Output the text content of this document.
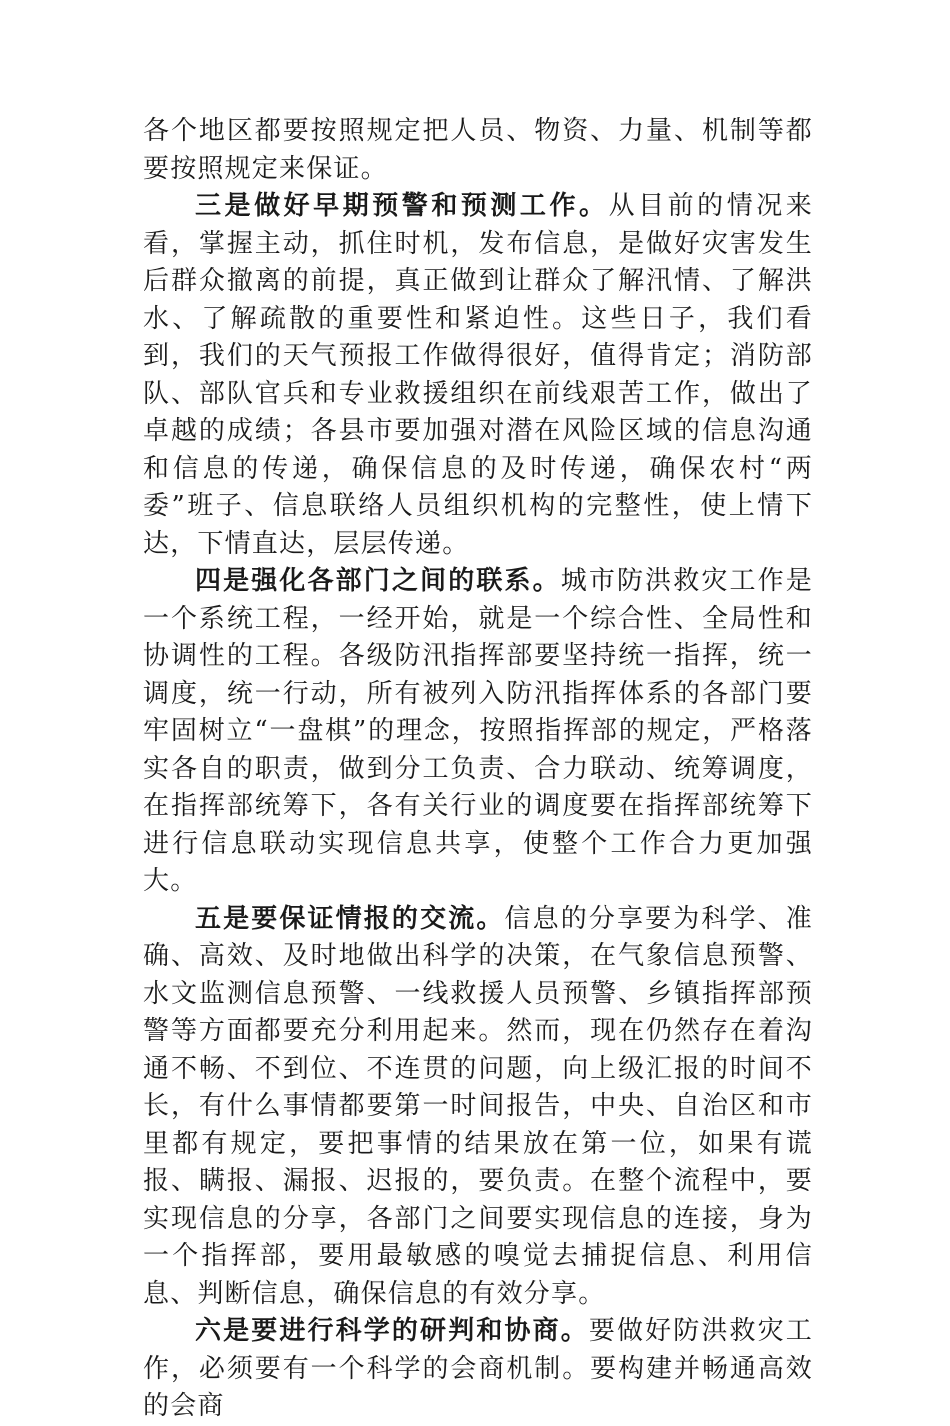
各个地区都要按照规定把人员、物资、力量、机制等都要按照规定来保证。

三是做好早期预警和预测工作。从目前的情况来看，掌握主动，抓住时机，发布信息，是做好灾害发生后群众撤离的前提，真正做到让群众了解汛情、了解洪水、了解疏散的重要性和紧迫性。这些日子，我们看到，我们的天气预报工作做得很好，值得肯定；消防部队、部队官兵和专业救援组织在前线艰苦工作，做出了卓越的成绩；各县市要加强对潜在风险区域的信息沟通和信息的传递，确保信息的及时传递，确保农村“两委”班子、信息联络人员组织机构的完整性，使上情下达，下情直达，层层传递。

四是强化各部门之间的联系。城市防洪救灾工作是一个系统工程，一经开始，就是一个综合性、全局性和协调性的工程。各级防汛指挥部要坚持统一指挥，统一调度，统一行动，所有被列入防汛指挥体系的各部门要牢固树立“一盘棋”的理念，按照指挥部的规定，严格落实各自的职责，做到分工负责、合力联动、统筹调度，在指挥部统筹下，各有关行业的调度要在指挥部统筹下进行信息联动实现信息共享，使整个工作合力更加强大。

五是要保证情报的交流。信息的分享要为科学、准确、高效、及时地做出科学的决策，在气象信息预警、水文监测信息预警、一线救援人员预警、乡镇指挥部预警等方面都要充分利用起来。然而，现在仍然存在着沟通不畅、不到位、不连贯的问题，向上级汇报的时间不长，有什么事情都要第一时间报告，中央、自治区和市里都有规定，要把事情的结果放在第一位，如果有谎报、瞒报、漏报、迟报的，要负责。在整个流程中，要实现信息的分享，各部门之间要实现信息的连接，身为一个指挥部，要用最敏感的嗅觉去捕捉信息、利用信息、判断信息，确保信息的有效分享。

六是要进行科学的研判和协商。要做好防洪救灾工作，必须要有一个科学的会商机制。要构建并畅通高效的会商
